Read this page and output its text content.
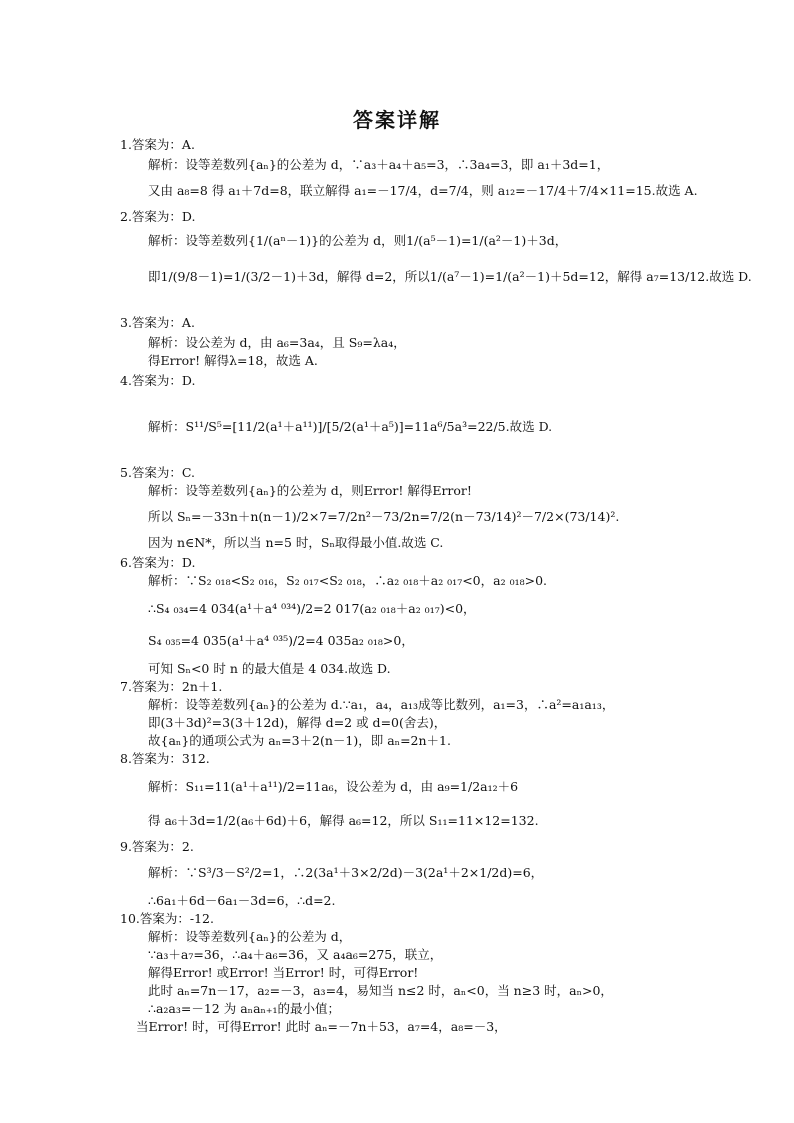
答案详解
1.答案为：A.
解析：设等差数列{aₙ}的公差为 d，∵a₃＋a₄＋a₅=3，∴3a₄=3，即 a₁＋3d=1，
又由 a₈=8 得 a₁＋7d=8，联立解得 a₁=－17/4，d=7/4，则 a₁₂=－17/4＋7/4×11=15.故选 A.
2.答案为：D.
解析：设等差数列{1/(aⁿ－1)}的公差为 d，则1/(a⁵－1)=1/(a²－1)＋3d，
即1/(9/8－1)=1/(3/2－1)＋3d，解得 d=2，所以1/(a⁷－1)=1/(a²－1)＋5d=12，解得 a₇=13/12.故选 D.
3.答案为：A.
解析：设公差为 d，由 a₆=3a₄，且 S₉=λa₄，
得Error! 解得λ=18，故选 A.
4.答案为：D.
解析：S¹¹/S⁵=[11/2(a¹＋a¹¹)]/[5/2(a¹＋a⁵)]=11a⁶/5a³=22/5.故选 D.
5.答案为：C.
解析：设等差数列{aₙ}的公差为 d，则Error! 解得Error!
所以 Sₙ=－33n＋n(n－1)/2×7=7/2n²－73/2n=7/2(n－73/14)²－7/2×(73/14)².
因为 n∈N*，所以当 n=5 时，Sₙ取得最小值.故选 C.
6.答案为：D.
解析：∵S₂ ₀₁₈<S₂ ₀₁₆，S₂ ₀₁₇<S₂ ₀₁₈，∴a₂ ₀₁₈＋a₂ ₀₁₇<0，a₂ ₀₁₈>0.
∴S₄ ₀₃₄=4 034(a¹＋a⁴ ⁰³⁴)/2=2 017(a₂ ₀₁₈＋a₂ ₀₁₇)<0，
S₄ ₀₃₅=4 035(a¹＋a⁴ ⁰³⁵)/2=4 035a₂ ₀₁₈>0，
可知 Sₙ<0 时 n 的最大值是 4 034.故选 D.
7.答案为：2n＋1.
解析：设等差数列{aₙ}的公差为 d.∵a₁，a₄，a₁₃成等比数列，a₁=3，∴a²=a₁a₁₃，
即(3＋3d)²=3(3＋12d)，解得 d=2 或 d=0(舍去)，
故{aₙ}的通项公式为 aₙ=3＋2(n－1)，即 aₙ=2n＋1.
8.答案为：312.
解析：S₁₁=11(a¹＋a¹¹)/2=11a₆，设公差为 d，由 a₉=1/2a₁₂＋6
得 a₆＋3d=1/2(a₆＋6d)＋6，解得 a₆=12，所以 S₁₁=11×12=132.
9.答案为：2.
解析：∵S³/3－S²/2=1，∴2(3a¹＋3×2/2d)－3(2a¹＋2×1/2d)=6，
∴6a₁＋6d－6a₁－3d=6，∴d=2.
10.答案为：-12.
解析：设等差数列{aₙ}的公差为 d，
∵a₃＋a₇=36，∴a₄＋a₆=36，又 a₄a₆=275，联立，
解得Error! 或Error! 当Error! 时，可得Error!
此时 aₙ=7n－17，a₂=－3，a₃=4，易知当 n≤2 时，aₙ<0，当 n≥3 时，aₙ>0，
∴a₂a₃=－12 为 aₙaₙ₊₁的最小值；
当Error! 时，可得Error! 此时 aₙ=－7n＋53，a₇=4，a₈=－3，
